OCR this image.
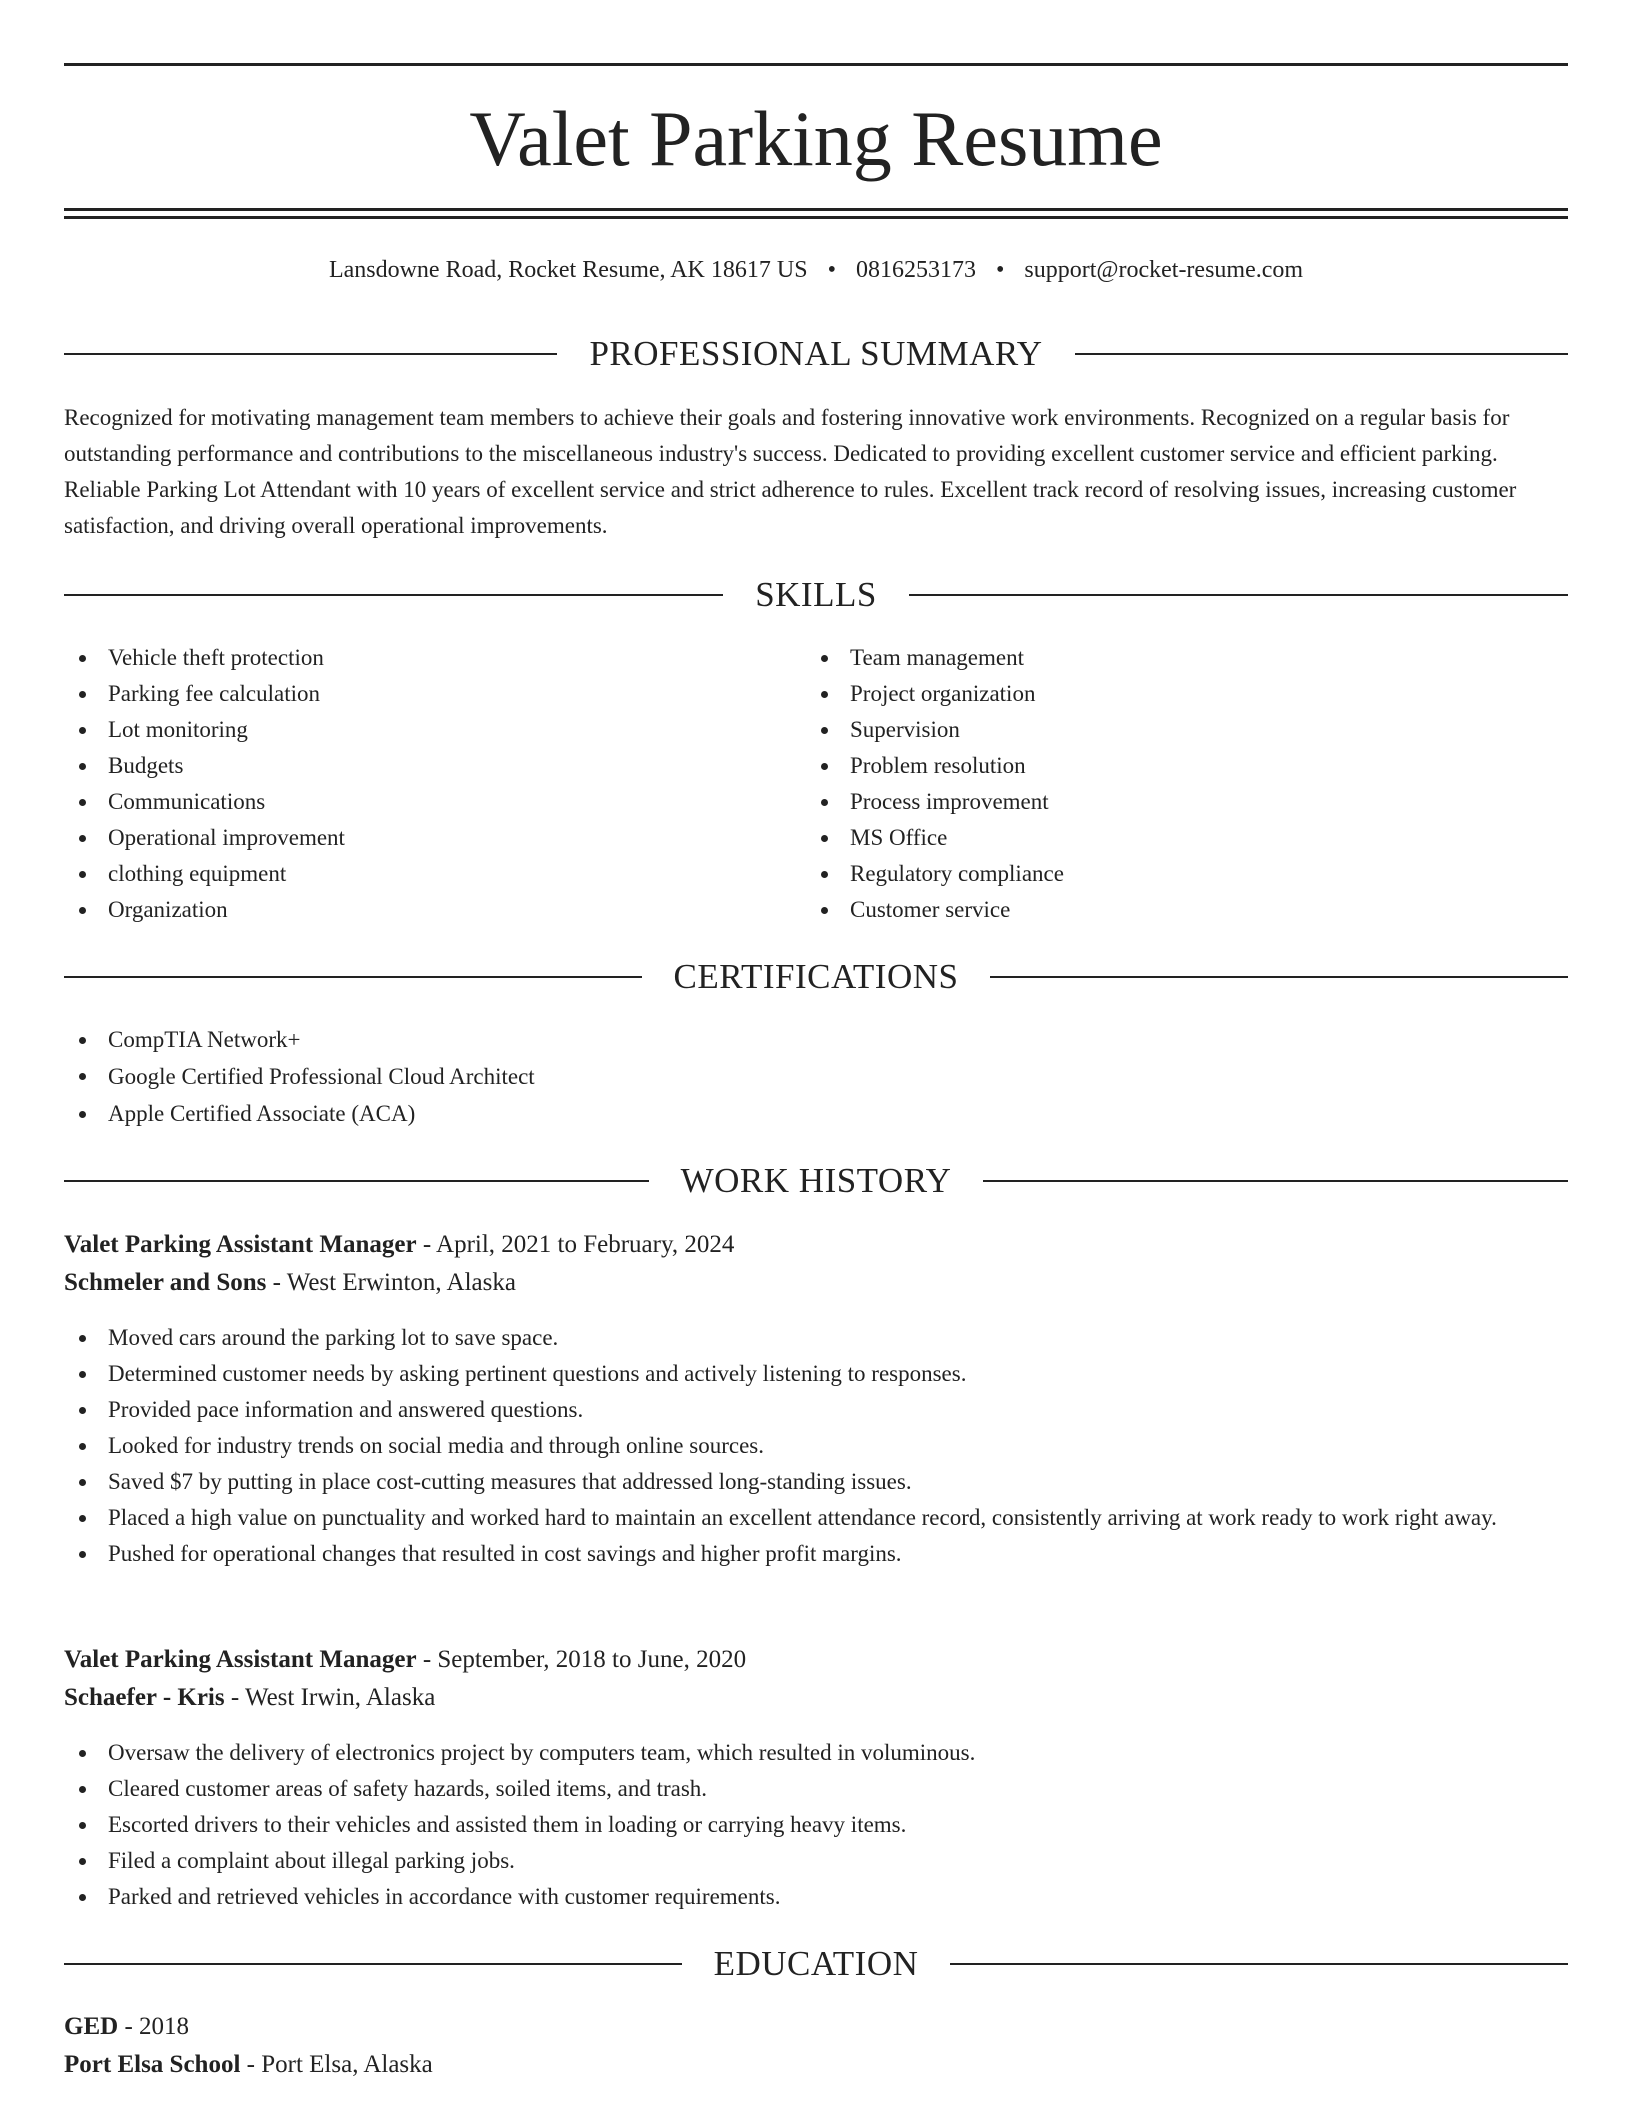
Valet Parking Resume
Lansdowne Road, Rocket Resume, AK 18617 US • 0816253173 • support@rocket-resume.com
PROFESSIONAL SUMMARY

Recognized for motivating management team members to achieve their goals and fostering innovative work environments. Recognized on a regular basis for outstanding performance and contributions to the miscellaneous industry's success. Dedicated to providing excellent customer service and efficient parking. Reliable Parking Lot Attendant with 10 years of excellent service and strict adherence to rules. Excellent track record of resolving issues, increasing customer satisfaction, and driving overall operational improvements.

SKILLS
Vehicle theft protection
Parking fee calculation
Lot monitoring
Budgets
Communications
Operational improvement
clothing equipment
Organization
Team management
Project organization
Supervision
Problem resolution
Process improvement
MS Office
Regulatory compliance
Customer service
CERTIFICATIONS
CompTIA Network+
Google Certified Professional Cloud Architect
Apple Certified Associate (ACA)
WORK HISTORY
Valet Parking Assistant Manager - April, 2021 to February, 2024
Schmeler and Sons - West Erwinton, Alaska
Moved cars around the parking lot to save space.
Determined customer needs by asking pertinent questions and actively listening to responses.
Provided pace information and answered questions.
Looked for industry trends on social media and through online sources.
Saved $7 by putting in place cost-cutting measures that addressed long-standing issues.
Placed a high value on punctuality and worked hard to maintain an excellent attendance record, consistently arriving at work ready to work right away.
Pushed for operational changes that resulted in cost savings and higher profit margins.
Valet Parking Assistant Manager - September, 2018 to June, 2020
Schaefer - Kris - West Irwin, Alaska
Oversaw the delivery of electronics project by computers team, which resulted in voluminous.
Cleared customer areas of safety hazards, soiled items, and trash.
Escorted drivers to their vehicles and assisted them in loading or carrying heavy items.
Filed a complaint about illegal parking jobs.
Parked and retrieved vehicles in accordance with customer requirements.
EDUCATION
GED - 2018
Port Elsa School - Port Elsa, Alaska
